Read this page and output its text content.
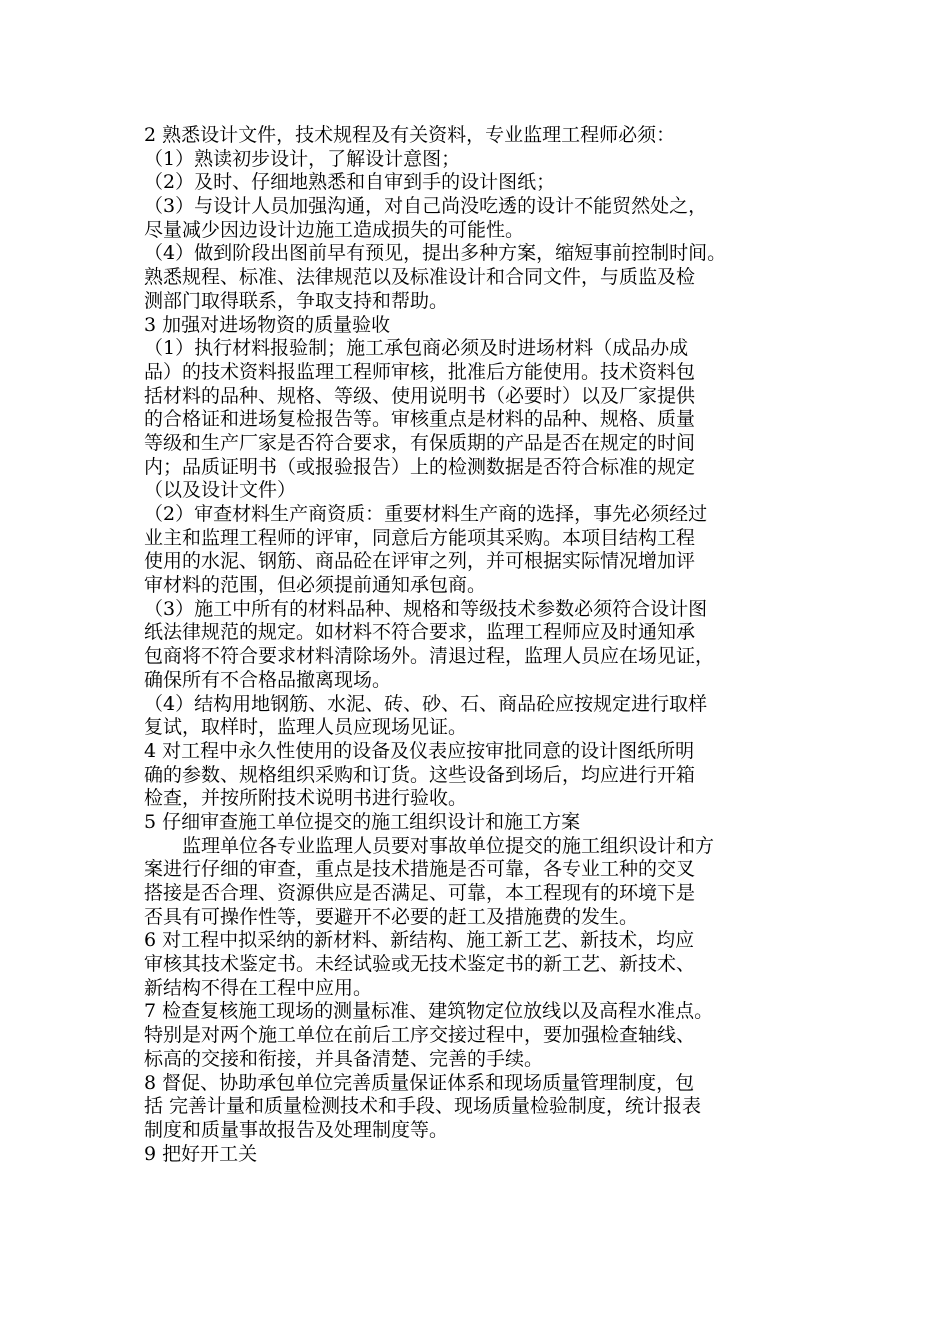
2 熟悉设计文件，技术规程及有关资料，专业监理工程师必须：
（1）熟读初步设计，了解设计意图；
（2）及时、仔细地熟悉和自审到手的设计图纸；
（3）与设计人员加强沟通，对自己尚没吃透的设计不能贸然处之，
尽量减少因边设计边施工造成损失的可能性。
（4）做到阶段出图前早有预见，提出多种方案，缩短事前控制时间。
熟悉规程、标准、法律规范以及标准设计和合同文件，与质监及检
测部门取得联系，争取支持和帮助。
3 加强对进场物资的质量验收
（1）执行材料报验制；施工承包商必须及时进场材料（成品办成
品）的技术资料报监理工程师审核，批准后方能使用。技术资料包
括材料的品种、规格、等级、使用说明书（必要时）以及厂家提供
的合格证和进场复检报告等。审核重点是材料的品种、规格、质量
等级和生产厂家是否符合要求，有保质期的产品是否在规定的时间
内；品质证明书（或报验报告）上的检测数据是否符合标准的规定
（以及设计文件）
（2）审查材料生产商资质：重要材料生产商的选择，事先必须经过
业主和监理工程师的评审，同意后方能项其采购。本项目结构工程
使用的水泥、钢筋、商品砼在评审之列，并可根据实际情况增加评
审材料的范围，但必须提前通知承包商。
（3）施工中所有的材料品种、规格和等级技术参数必须符合设计图
纸法律规范的规定。如材料不符合要求，监理工程师应及时通知承
包商将不符合要求材料清除场外。清退过程，监理人员应在场见证，
确保所有不合格品撤离现场。
（4）结构用地钢筋、水泥、砖、砂、石、商品砼应按规定进行取样
复试，取样时，监理人员应现场见证。
4 对工程中永久性使用的设备及仪表应按审批同意的设计图纸所明
确的参数、规格组织采购和订货。这些设备到场后，均应进行开箱
检查，并按所附技术说明书进行验收。
5 仔细审查施工单位提交的施工组织设计和施工方案
　　监理单位各专业监理人员要对事故单位提交的施工组织设计和方
案进行仔细的审查，重点是技术措施是否可靠，各专业工种的交叉
搭接是否合理、资源供应是否满足、可靠，本工程现有的环境下是
否具有可操作性等，要避开不必要的赶工及措施费的发生。
6 对工程中拟采纳的新材料、新结构、施工新工艺、新技术，均应
审核其技术鉴定书。未经试验或无技术鉴定书的新工艺、新技术、
新结构不得在工程中应用。
7 检查复核施工现场的测量标准、建筑物定位放线以及高程水准点。
特别是对两个施工单位在前后工序交接过程中，要加强检查轴线、
标高的交接和衔接，并具备清楚、完善的手续。
8 督促、协助承包单位完善质量保证体系和现场质量管理制度，包
括 完善计量和质量检测技术和手段、现场质量检验制度，统计报表
制度和质量事故报告及处理制度等。
9 把好开工关
